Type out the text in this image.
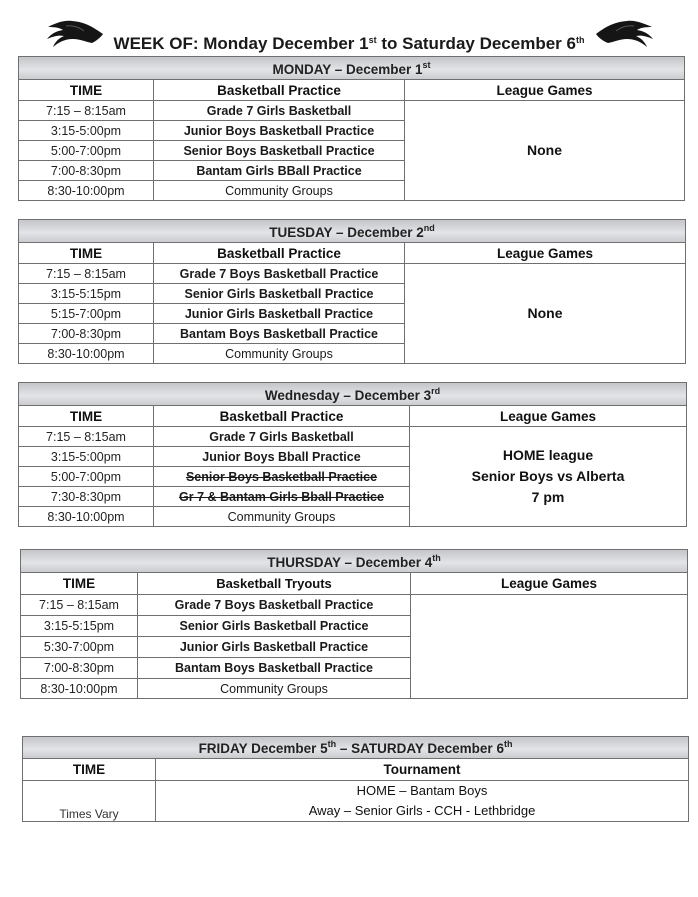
WEEK OF: Monday December 1st to Saturday December 6th
MONDAY – December 1st
TIME	Basketball Practice	League Games
7:15 – 8:15am	Grade 7 Girls Basketball	None

3:15-5:00pm	Junior Boys Basketball Practice	
5:00-7:00pm	Senior Boys Basketball Practice	
7:00-8:30pm	Bantam Girls BBall Practice	
8:30-10:00pm	Community Groups	
TUESDAY – December 2nd
TIME	Basketball Practice	League Games
7:15 – 8:15am	Grade 7 Boys Basketball Practice	None

3:15-5:15pm	Senior Girls Basketball Practice	
5:15-7:00pm	Junior Girls Basketball Practice	
7:00-8:30pm	Bantam Boys Basketball Practice	
8:30-10:00pm	Community Groups	
Wednesday – December 3rd
TIME	Basketball Practice	League Games
7:15 – 8:15am	Grade 7 Girls Basketball	HOME league
Senior Boys vs Alberta
7 pm

3:15-5:00pm	Junior Boys Bball Practice	
5:00-7:00pm	Senior Boys Basketball Practice	
7:30-8:30pm	Gr 7 & Bantam Girls Bball Practice	
8:30-10:00pm	Community Groups	
THURSDAY – December 4th
TIME	Basketball Tryouts	League Games
7:15 – 8:15am	Grade 7 Boys Basketball Practice	
3:15-5:15pm	Senior Girls Basketball Practice	
5:30-7:00pm	Junior Girls Basketball Practice	
7:00-8:30pm	Bantam Boys Basketball Practice	
8:30-10:00pm	Community Groups	
FRIDAY December 5th – SATURDAY December 6th
TIME	Tournament
Times Vary	HOME – Bantam Boys
Away – Senior Girls - CCH - Lethbridge
